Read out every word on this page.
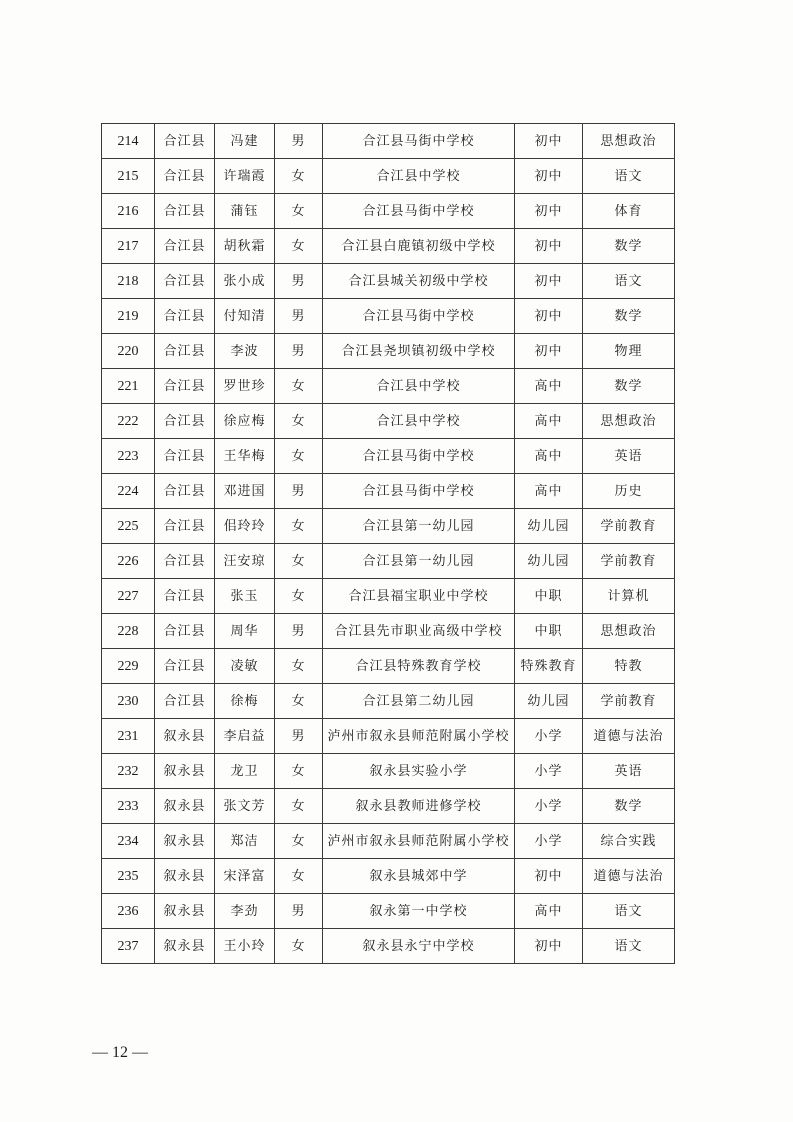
214	合江县	冯建	男	合江县马街中学校	初中	思想政治
215	合江县	许瑞霞	女	合江县中学校	初中	语文
216	合江县	蒲钰	女	合江县马街中学校	初中	体育
217	合江县	胡秋霜	女	合江县白鹿镇初级中学校	初中	数学
218	合江县	张小成	男	合江县城关初级中学校	初中	语文
219	合江县	付知清	男	合江县马街中学校	初中	数学
220	合江县	李波	男	合江县尧坝镇初级中学校	初中	物理
221	合江县	罗世珍	女	合江县中学校	高中	数学
222	合江县	徐应梅	女	合江县中学校	高中	思想政治
223	合江县	王华梅	女	合江县马街中学校	高中	英语
224	合江县	邓进国	男	合江县马街中学校	高中	历史
225	合江县	佀玲玲	女	合江县第一幼儿园	幼儿园	学前教育
226	合江县	汪安琼	女	合江县第一幼儿园	幼儿园	学前教育
227	合江县	张玉	女	合江县福宝职业中学校	中职	计算机
228	合江县	周华	男	合江县先市职业高级中学校	中职	思想政治
229	合江县	凌敏	女	合江县特殊教育学校	特殊教育	特教
230	合江县	徐梅	女	合江县第二幼儿园	幼儿园	学前教育
231	叙永县	李启益	男	泸州市叙永县师范附属小学校	小学	道德与法治
232	叙永县	龙卫	女	叙永县实验小学	小学	英语
233	叙永县	张文芳	女	叙永县教师进修学校	小学	数学
234	叙永县	郑洁	女	泸州市叙永县师范附属小学校	小学	综合实践
235	叙永县	宋泽富	女	叙永县城郊中学	初中	道德与法治
236	叙永县	李劲	男	叙永第一中学校	高中	语文
237	叙永县	王小玲	女	叙永县永宁中学校	初中	语文
— 12 —
